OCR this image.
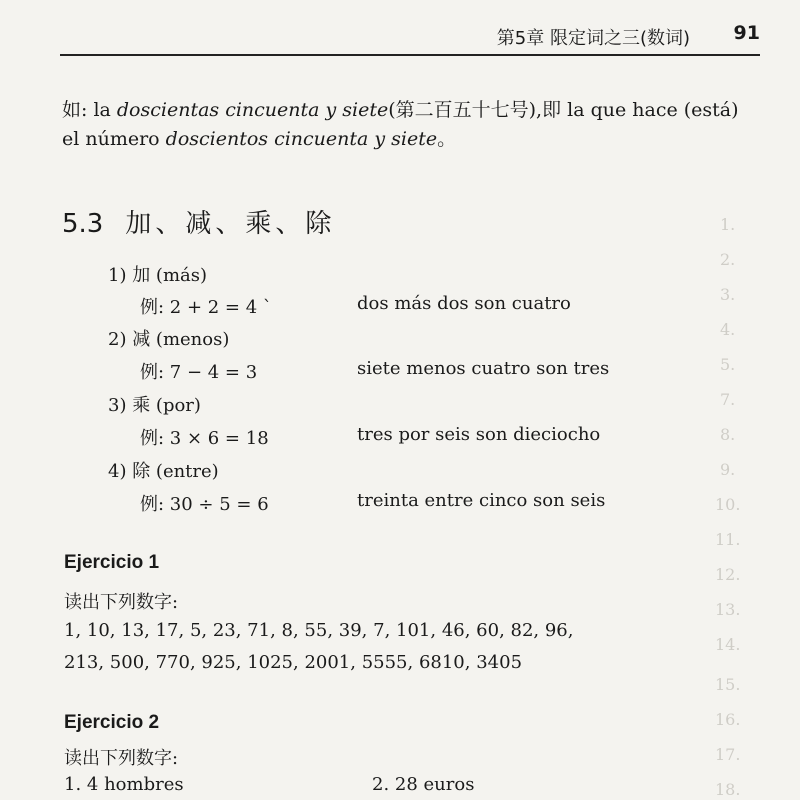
1.
2.
3.
4.
5.
7.
8.
9.
10.
11.
12.
13.
14.
15.
16.
17.
18.
第5章 限定词之三(数词) 91
如: la doscientas cincuenta y siete(第二百五十七号),即 la que hace (está) el número doscientos cincuenta y siete。
5.3 加、减、乘、除
1) 加 (más)
例: 2 + 2 = 4 ˋ	dos más dos son cuatro
2) 减 (menos)
例: 7 − 4 = 3	siete menos cuatro son tres
3) 乘 (por)
例: 3 × 6 = 18	tres por seis son dieciocho
4) 除 (entre)
例: 30 ÷ 5 = 6	treinta entre cinco son seis
Ejercicio 1
读出下列数字:
1, 10, 13, 17, 5, 23, 71, 8, 55, 39, 7, 101, 46, 60, 82, 96,
213, 500, 770, 925, 1025, 2001, 5555, 6810, 3405
Ejercicio 2
读出下列数字:
1. 4 hombres	2. 28 euros
